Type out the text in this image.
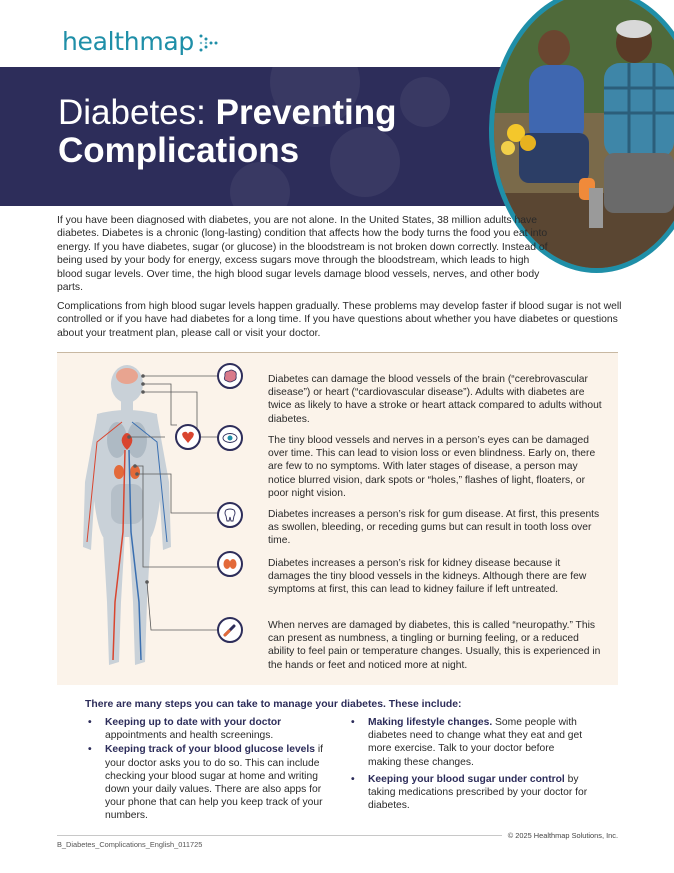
healthmap
Diabetes: Preventing
Complications

If you have been diagnosed with diabetes, you are not alone. In the United States, 38 million adults have diabetes. Diabetes is a chronic (long-lasting) condition that affects how the body turns the food you eat into energy. If you have diabetes, sugar (or glucose) in the bloodstream is not broken down correctly. Instead of being used by your body for energy, excess sugars move through the bloodstream, which leads to high blood sugar levels. Over time, the high blood sugar levels damage blood vessels, nerves, and other body parts.

Complications from high blood sugar levels happen gradually. These problems may develop faster if blood sugar is not well controlled or if you have had diabetes for a long time. If you have questions about whether you have diabetes or questions about your treatment plan, please call or visit your doctor.

Diabetes can damage the blood vessels of the brain (“cerebrovascular disease”) or heart (“cardiovascular disease”). Adults with diabetes are twice as likely to have a stroke or heart attack compared to adults without diabetes.

The tiny blood vessels and nerves in a person’s eyes can be damaged over time. This can lead to vision loss or even blindness. Early on, there are few to no symptoms. With later stages of disease, a person may notice blurred vision, dark spots or “holes,” flashes of light, floaters, or poor night vision.

Diabetes increases a person’s risk for gum disease. At first, this presents as swollen, bleeding, or receding gums but can result in tooth loss over time.

Diabetes increases a person’s risk for kidney disease because it damages the tiny blood vessels in the kidneys. Although there are few symptoms at first, this can lead to kidney failure if left untreated.

When nerves are damaged by diabetes, this is called “neuropathy.” This can present as numbness, a tingling or burning feeling, or a reduced ability to feel pain or temperature changes. Usually, this is experienced in the hands or feet and noticed more at night.

There are many steps you can take to manage your diabetes. These include:

• Keeping up to date with your doctor appointments and health screenings.
• Keeping track of your blood glucose levels if your doctor asks you to do so. This can include checking your blood sugar at home and writing down your daily values. There are also apps for your phone that can help you keep track of your numbers.
• Making lifestyle changes. Some people with diabetes need to change what they eat and get more exercise. Talk to your doctor before making these changes.
• Keeping your blood sugar under control by taking medications prescribed by your doctor for diabetes.
© 2025 Healthmap Solutions, Inc.
B_Diabetes_Complications_English_011725
